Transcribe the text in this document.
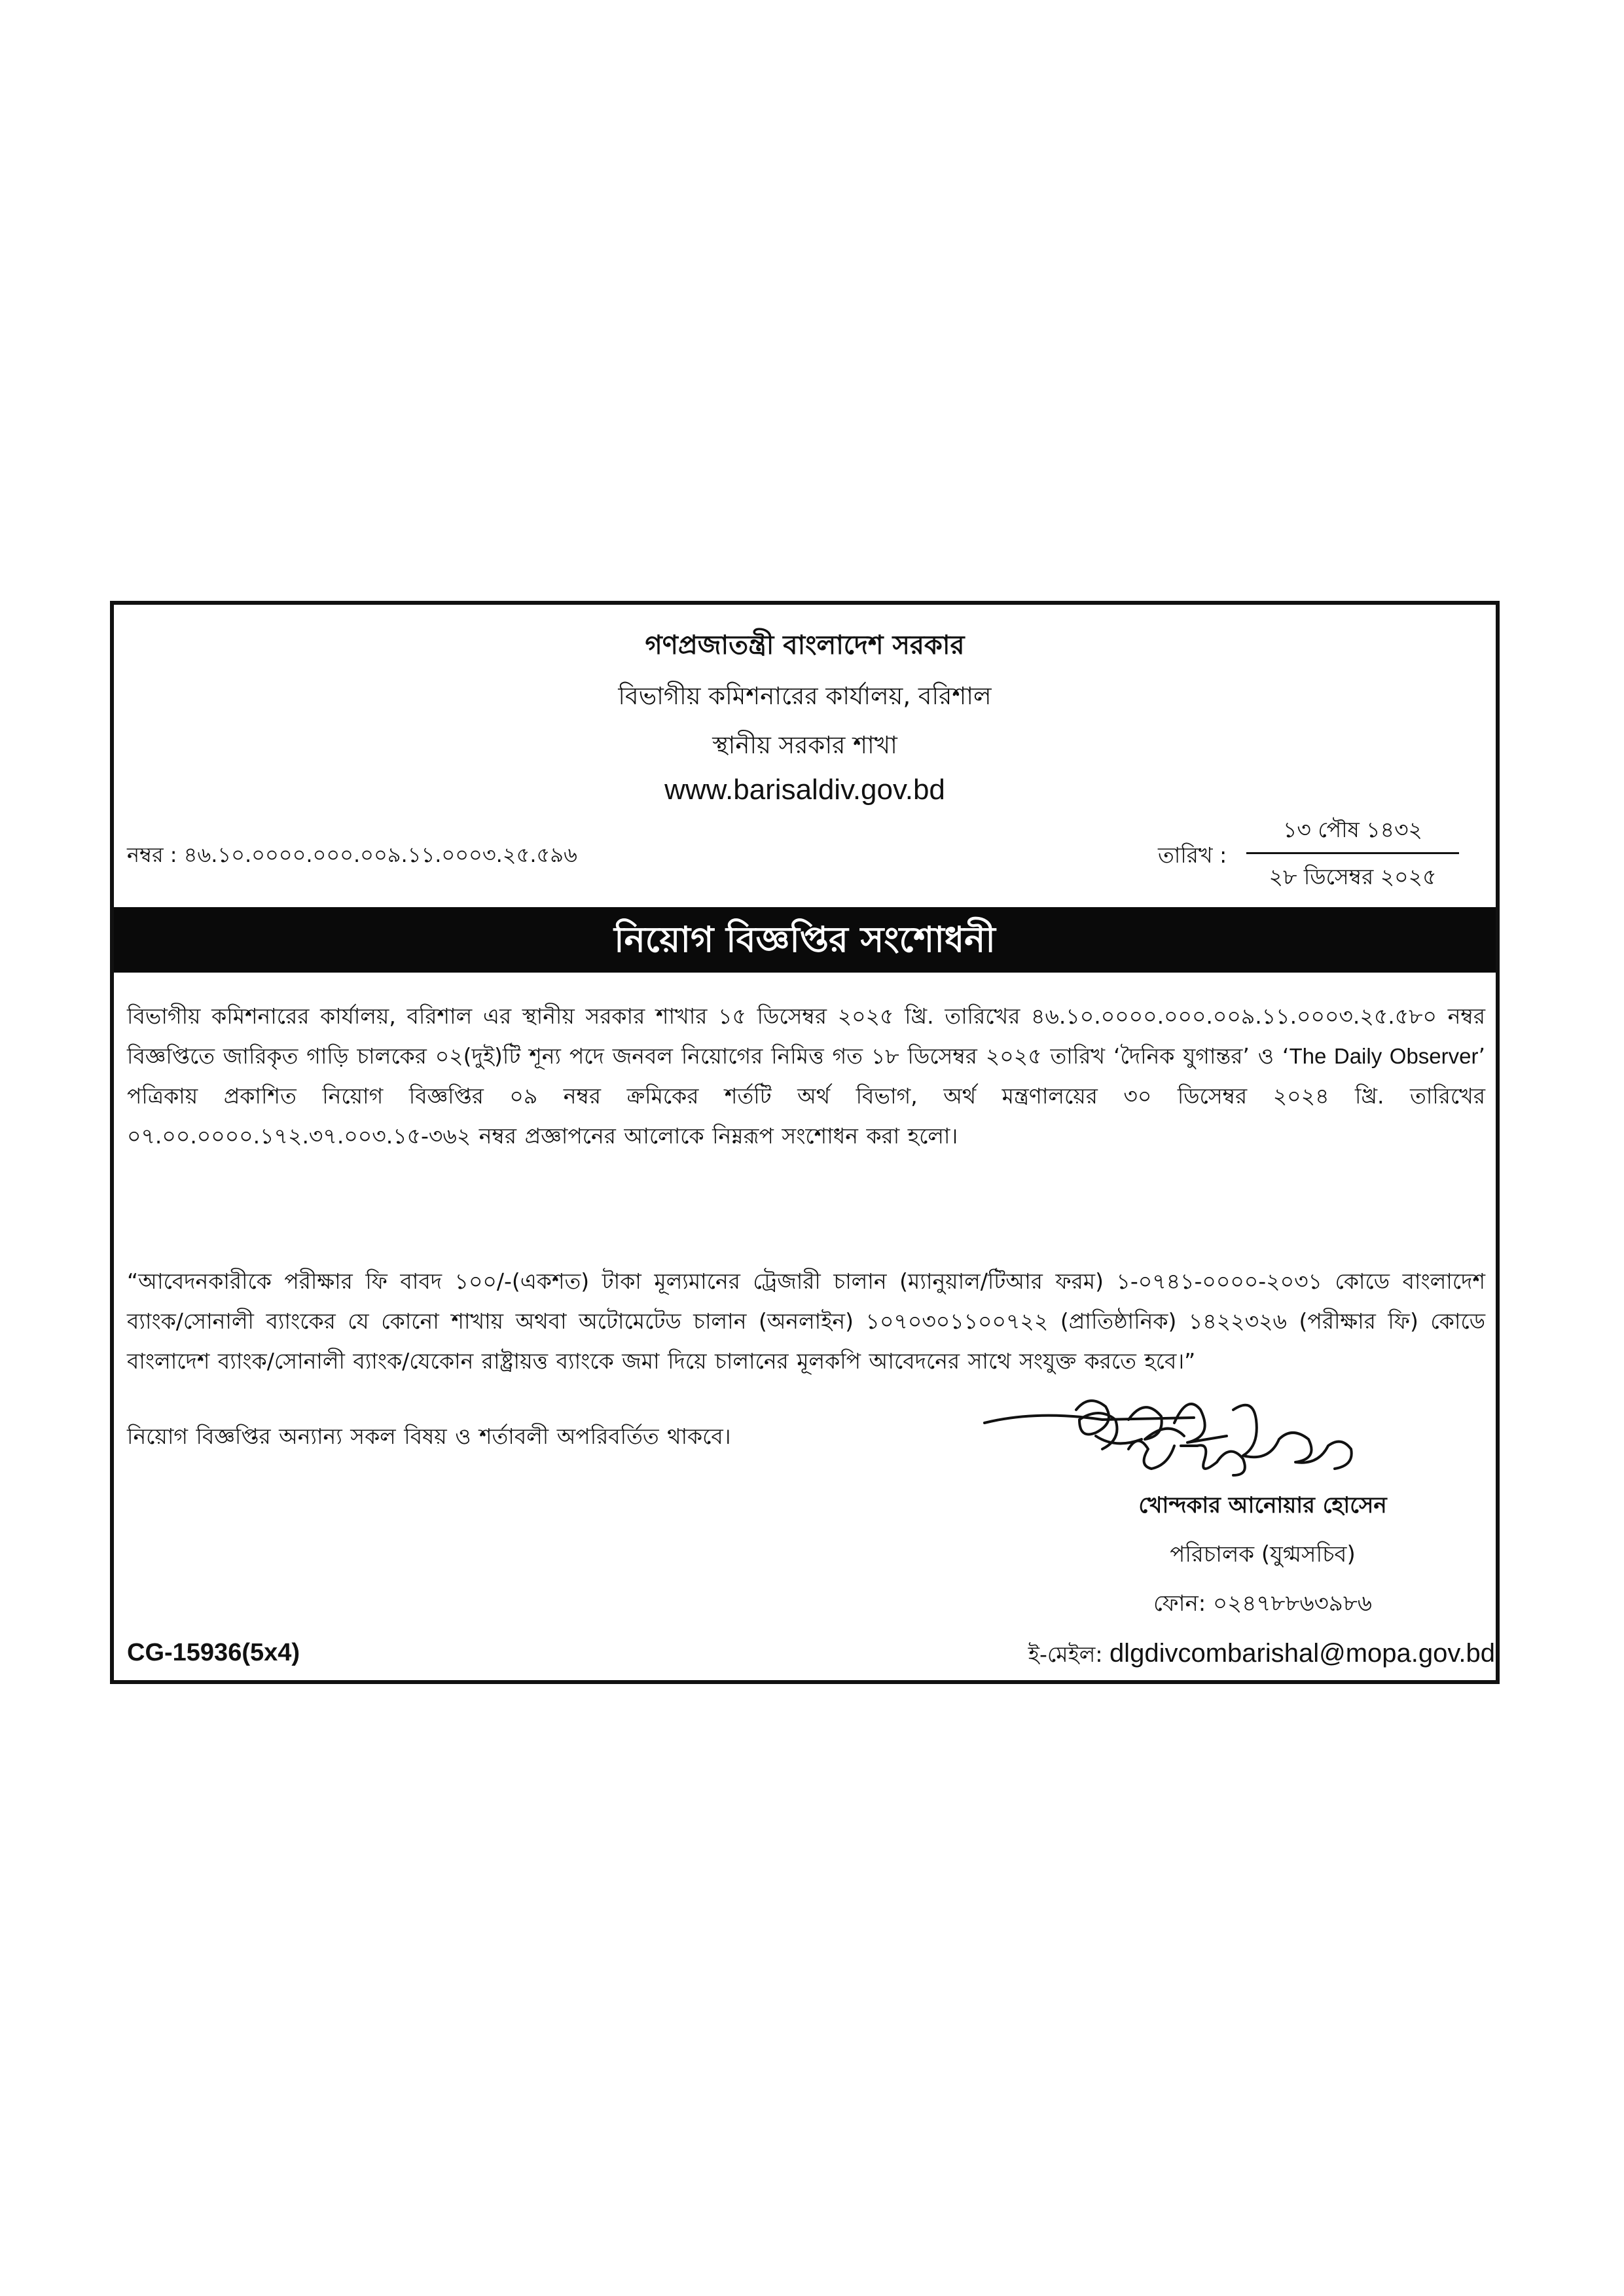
গণপ্রজাতন্ত্রী বাংলাদেশ সরকার
বিভাগীয় কমিশনারের কার্যালয়, বরিশাল
স্থানীয় সরকার শাখা
www.barisaldiv.gov.bd
নম্বর : ৪৬.১০.০০০০.০০০.০০৯.১১.০০০৩.২৫.৫৯৬	তারিখ :
১৩ পৌষ ১৪৩২
২৮ ডিসেম্বর ২০২৫
নিয়োগ বিজ্ঞপ্তির সংশোধনী

বিভাগীয় কমিশনারের কার্যালয়, বরিশাল এর স্থানীয় সরকার শাখার ১৫ ডিসেম্বর ২০২৫ খ্রি. তারিখের ৪৬.১০.০০০০.০০০.০০৯.১১.০০০৩.২৫.৫৮০ নম্বর বিজ্ঞপ্তিতে জারিকৃত গাড়ি চালকের ০২(দুই)টি শূন্য পদে জনবল নিয়োগের নিমিত্ত গত ১৮ ডিসেম্বর ২০২৫ তারিখ ‘দৈনিক যুগান্তর’ ও ‘The Daily Observer’ পত্রিকায় প্রকাশিত নিয়োগ বিজ্ঞপ্তির ০৯ নম্বর ক্রমিকের শর্তটি অর্থ বিভাগ, অর্থ মন্ত্রণালয়ের ৩০ ডিসেম্বর ২০২৪ খ্রি. তারিখের ০৭.০০.০০০০.১৭২.৩৭.০০৩.১৫-৩৬২ নম্বর প্রজ্ঞাপনের আলোকে নিম্নরূপ সংশোধন করা হলো।

“আবেদনকারীকে পরীক্ষার ফি বাবদ ১০০/-(একশত) টাকা মূল্যমানের ট্রেজারী চালান (ম্যানুয়াল/টিআর ফরম) ১-০৭৪১-০০০০-২০৩১ কোডে বাংলাদেশ ব্যাংক/সোনালী ব্যাংকের যে কোনো শাখায় অথবা অটোমেটেড চালান (অনলাইন) ১০৭০৩০১১০০৭২২ (প্রাতিষ্ঠানিক) ১৪২২৩২৬ (পরীক্ষার ফি) কোডে বাংলাদেশ ব্যাংক/সোনালী ব্যাংক/যেকোন রাষ্ট্রায়ত্ত ব্যাংকে জমা দিয়ে চালানের মূলকপি আবেদনের সাথে সংযুক্ত করতে হবে।”

নিয়োগ বিজ্ঞপ্তির অন্যান্য সকল বিষয় ও শর্তাবলী অপরিবর্তিত থাকবে।

খোন্দকার আনোয়ার হোসেন
পরিচালক (যুগ্মসচিব)
ফোন: ০২৪৭৮৮৬৩৯৮৬
ই-মেইল: dlgdivcombarishal@mopa.gov.bd
CG-15936(5x4)
